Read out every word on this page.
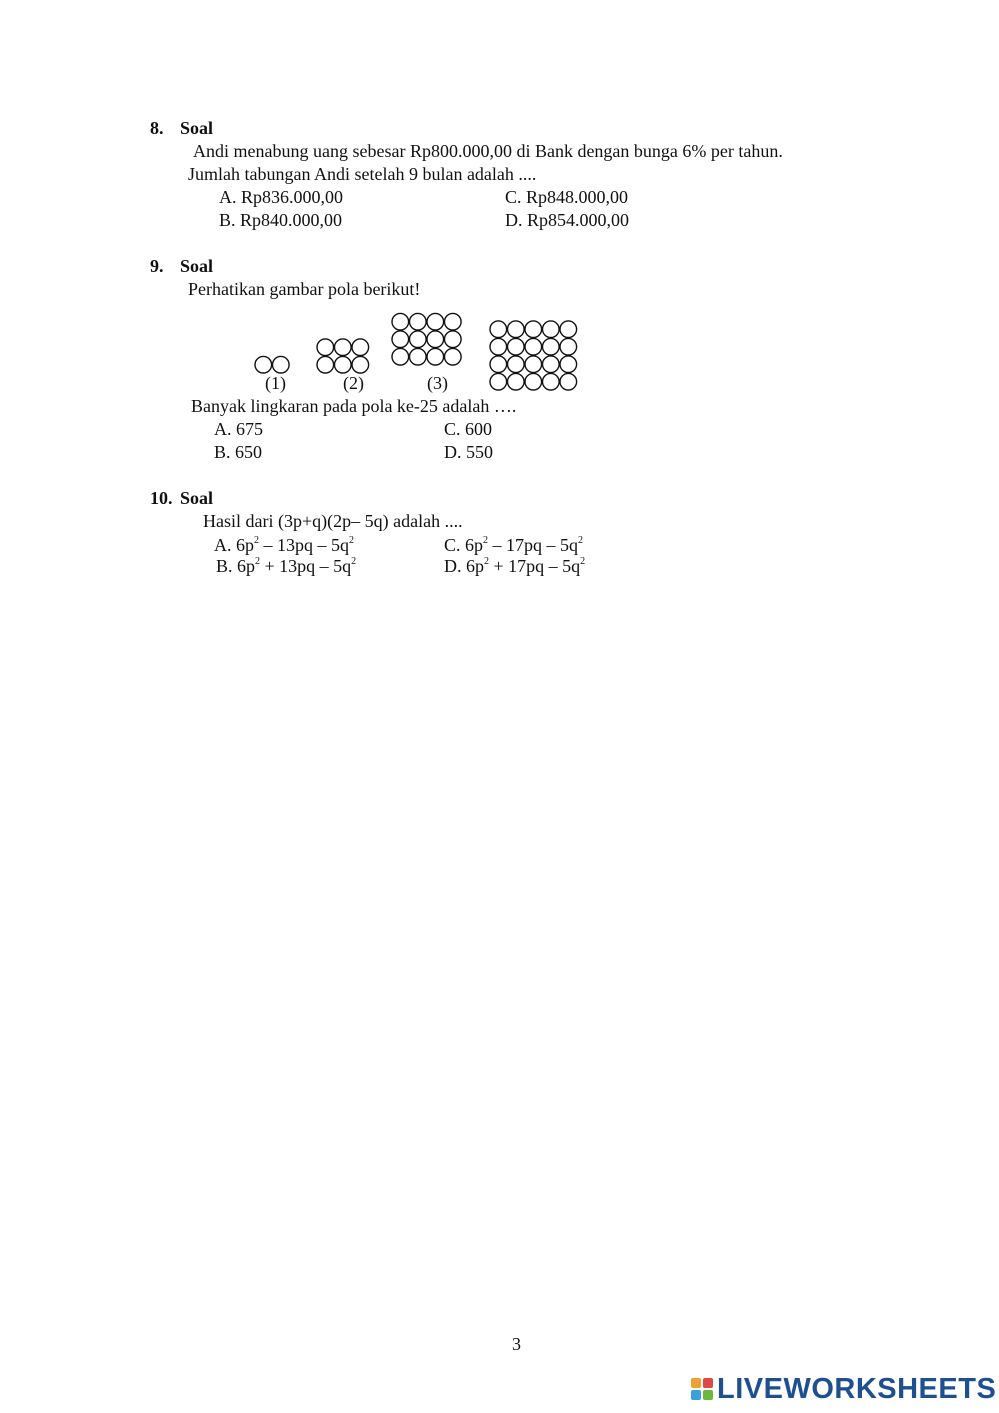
8. Soal
Andi menabung uang sebesar Rp800.000,00 di Bank dengan bunga 6% per tahun.
Jumlah tabungan Andi setelah 9 bulan adalah ....
A. Rp836.000,00	C. Rp848.000,00
B. Rp840.000,00	D. Rp854.000,00
9. Soal
Perhatikan gambar pola berikut!
(1)	(2)	(3)
Banyak lingkaran pada pola ke-25 adalah ….
A. 675	C. 600
B. 650	D. 550
10. Soal
Hasil dari (3p+q)(2p– 5q) adalah ....
A. $6p^2 - 13pq - 5q^2$	C. $6p^2 - 17pq - 5q^2$
B. $6p^2 + 13pq - 5q^2$	D. $6p^2 + 17pq - 5q^2$
3
LIVEWORKSHEETS
